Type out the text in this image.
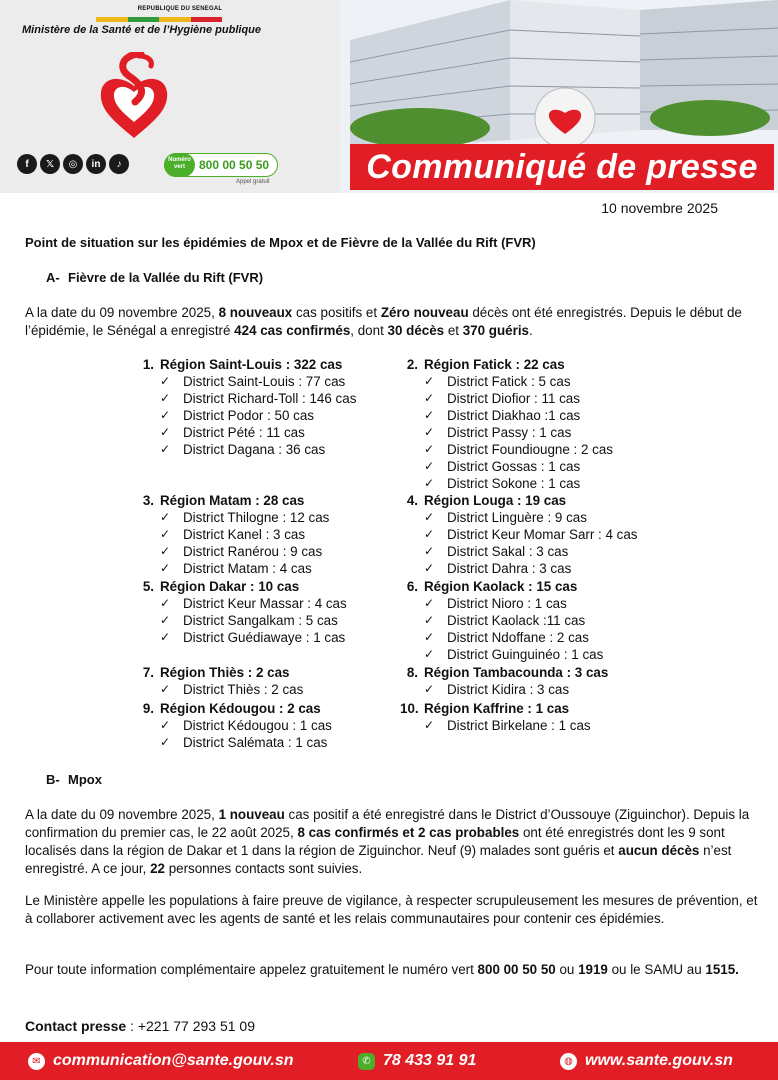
REPUBLIQUE DU SENEGAL
Ministère de la Santé et de l’Hygiène publique
f	𝕏	◎	in	♪	Numéro vert	800 00 50 50
Appel gratuit	Communiqué de presse
10 novembre 2025
Point de situation sur les épidémies de Mpox et de Fièvre de la Vallée du Rift (FVR)
A- Fièvre de la Vallée du Rift (FVR)
A la date du 09 novembre 2025, 8 nouveaux cas positifs et Zéro nouveau décès ont été enregistrés. Depuis le début de l’épidémie, le Sénégal a enregistré 424 cas confirmés, dont 30 décès et 370 guéris.
1. Région Saint-Louis : 322 cas
✓ District Saint-Louis : 77 cas
✓ District Richard-Toll : 146 cas
✓ District Podor : 50 cas
✓ District Pété : 11 cas
✓ District Dagana : 36 cas
2. Région Fatick : 22 cas
✓ District Fatick : 5 cas
✓ District Diofior : 11 cas
✓ District Diakhao :1 cas
✓ District Passy : 1 cas
✓ District Foundiougne : 2 cas
✓ District Gossas : 1 cas
✓ District Sokone : 1 cas
3. Région Matam : 28 cas
✓ District Thilogne : 12 cas
✓ District Kanel : 3 cas
✓ District Ranérou : 9 cas
✓ District Matam : 4 cas
4. Région Louga : 19 cas
✓ District Linguère : 9 cas
✓ District Keur Momar Sarr : 4 cas
✓ District Sakal : 3 cas
✓ District Dahra : 3 cas
5. Région Dakar : 10 cas
✓ District Keur Massar : 4 cas
✓ District Sangalkam : 5 cas
✓ District Guédiawaye : 1 cas
6. Région Kaolack : 15 cas
✓ District Nioro : 1 cas
✓ District Kaolack :11 cas
✓ District Ndoffane : 2 cas
✓ District Guinguinéo : 1 cas
7. Région Thiès : 2 cas
✓ District Thiès : 2 cas
8. Région Tambacounda : 3 cas
✓ District Kidira : 3 cas
9. Région Kédougou : 2 cas
✓ District Kédougou : 1 cas
✓ District Salémata : 1 cas
10. Région Kaffrine : 1 cas
✓ District Birkelane : 1 cas
B- Mpox
A la date du 09 novembre 2025, 1 nouveau cas positif a été enregistré dans le District d’Oussouye (Ziguinchor). Depuis la confirmation du premier cas, le 22 août 2025, 8 cas confirmés et 2 cas probables ont été enregistrés dont les 9 sont localisés dans la région de Dakar et 1 dans la région de Ziguinchor. Neuf (9) malades sont guéris et aucun décès n’est enregistré. A ce jour, 22 personnes contacts sont suivies.
Le Ministère appelle les populations à faire preuve de vigilance, à respecter scrupuleusement les mesures de prévention, et à collaborer activement avec les agents de santé et les relais communautaires pour contenir ces épidémies.
Pour toute information complémentaire appelez gratuitement le numéro vert 800 00 50 50 ou 1919 ou le SAMU au 1515.
Contact presse : +221 77 293 51 09
✉ communication@sante.gouv.sn	✆ 78 433 91 91	◍ www.sante.gouv.sn
